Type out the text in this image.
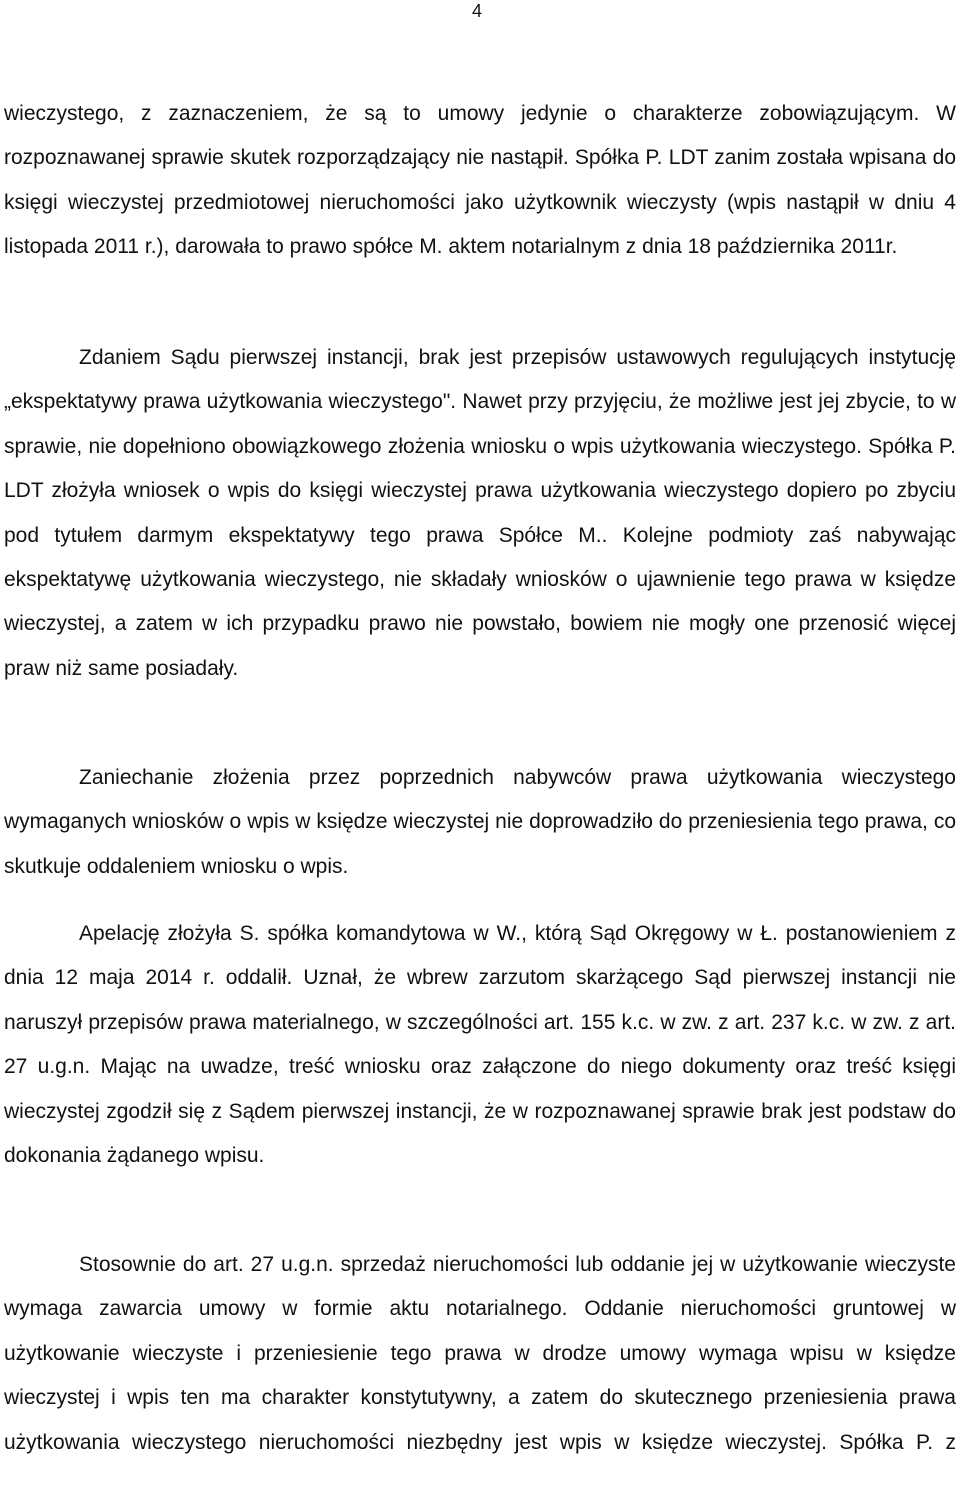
4

wieczystego, z zaznaczeniem, że są to umowy jedynie o charakterze zobowiązującym. W rozpoznawanej sprawie skutek rozporządzający nie nastąpił. Spółka P. LDT zanim została wpisana do księgi wieczystej przedmiotowej nieruchomości jako użytkownik wieczysty (wpis nastąpił w dniu 4 listopada 2011 r.), darowała to prawo spółce M. aktem notarialnym z dnia 18 października 2011r.

Zdaniem Sądu pierwszej instancji, brak jest przepisów ustawowych regulujących instytucję „ekspektatywy prawa użytkowania wieczystego". Nawet przy przyjęciu, że możliwe jest jej zbycie, to w sprawie, nie dopełniono obowiązkowego złożenia wniosku o wpis użytkowania wieczystego. Spółka P. LDT złożyła wniosek o wpis do księgi wieczystej prawa użytkowania wieczystego dopiero po zbyciu pod tytułem darmym ekspektatywy tego prawa Spółce M.. Kolejne podmioty zaś nabywając ekspektatywę użytkowania wieczystego, nie składały wniosków o ujawnienie tego prawa w księdze wieczystej, a zatem w ich przypadku prawo nie powstało, bowiem nie mogły one przenosić więcej praw niż same posiadały.

Zaniechanie złożenia przez poprzednich nabywców prawa użytkowania wieczystego wymaganych wniosków o wpis w księdze wieczystej nie doprowadziło do przeniesienia tego prawa, co skutkuje oddaleniem wniosku o wpis.

Apelację złożyła S. spółka komandytowa w W., którą Sąd Okręgowy w Ł. postanowieniem z dnia 12 maja 2014 r. oddalił. Uznał, że wbrew zarzutom skarżącego Sąd pierwszej instancji nie naruszył przepisów prawa materialnego, w szczególności art. 155 k.c. w zw. z art. 237 k.c. w zw. z art. 27 u.g.n. Mając na uwadze, treść wniosku oraz załączone do niego dokumenty oraz treść księgi wieczystej zgodził się z Sądem pierwszej instancji, że w rozpoznawanej sprawie brak jest podstaw do dokonania żądanego wpisu.

Stosownie do art. 27 u.g.n. sprzedaż nieruchomości lub oddanie jej w użytkowanie wieczyste wymaga zawarcia umowy w formie aktu notarialnego. Oddanie nieruchomości gruntowej w użytkowanie wieczyste i przeniesienie tego prawa w drodze umowy wymaga wpisu w księdze wieczystej i wpis ten ma charakter konstytutywny, a zatem do skutecznego przeniesienia prawa użytkowania wieczystego nieruchomości niezbędny jest wpis w księdze wieczystej. Spółka P. z
